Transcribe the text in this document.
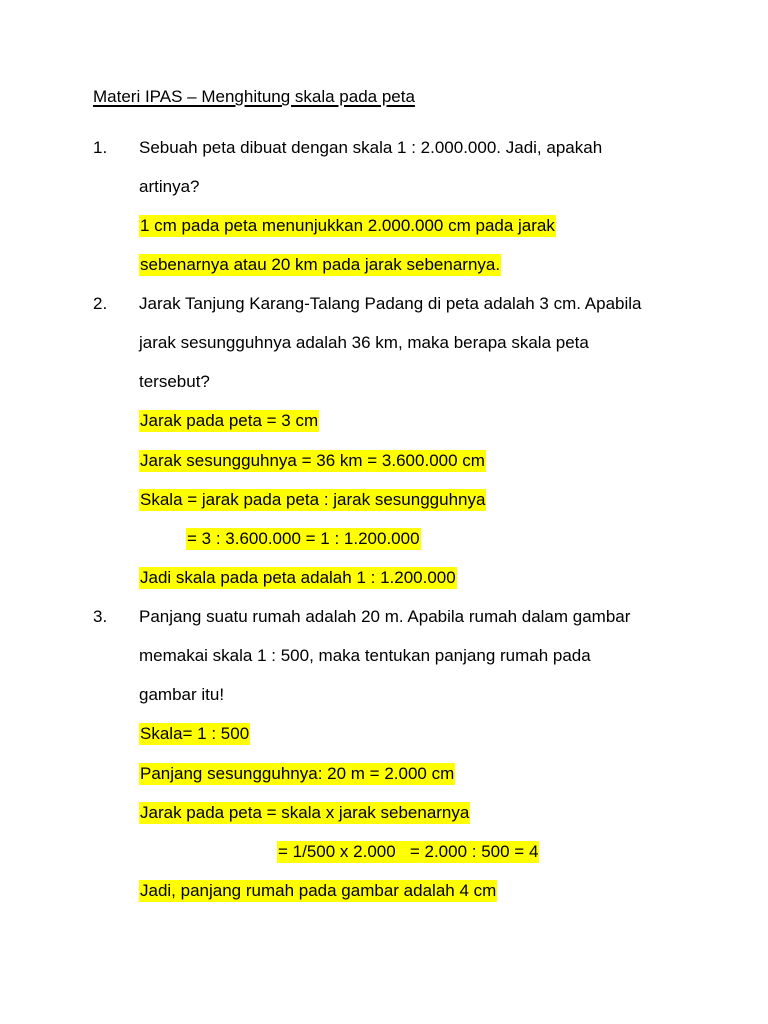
Materi IPAS – Menghitung skala pada peta
1. Sebuah peta dibuat dengan skala 1 : 2.000.000. Jadi, apakah
artinya?
1 cm pada peta menunjukkan 2.000.000 cm pada jarak
sebenarnya atau 20 km pada jarak sebenarnya.
2. Jarak Tanjung Karang-Talang Padang di peta adalah 3 cm. Apabila
jarak sesungguhnya adalah 36 km, maka berapa skala peta
tersebut?
Jarak pada peta = 3 cm
Jarak sesungguhnya = 36 km = 3.600.000 cm
Skala = jarak pada peta : jarak sesungguhnya
= 3 : 3.600.000 = 1 : 1.200.000
Jadi skala pada peta adalah 1 : 1.200.000
3. Panjang suatu rumah adalah 20 m. Apabila rumah dalam gambar
memakai skala 1 : 500, maka tentukan panjang rumah pada
gambar itu!
Skala= 1 : 500
Panjang sesungguhnya: 20 m = 2.000 cm
Jarak pada peta = skala x jarak sebenarnya
= 1/500 x 2.000   = 2.000 : 500 = 4
Jadi, panjang rumah pada gambar adalah 4 cm
